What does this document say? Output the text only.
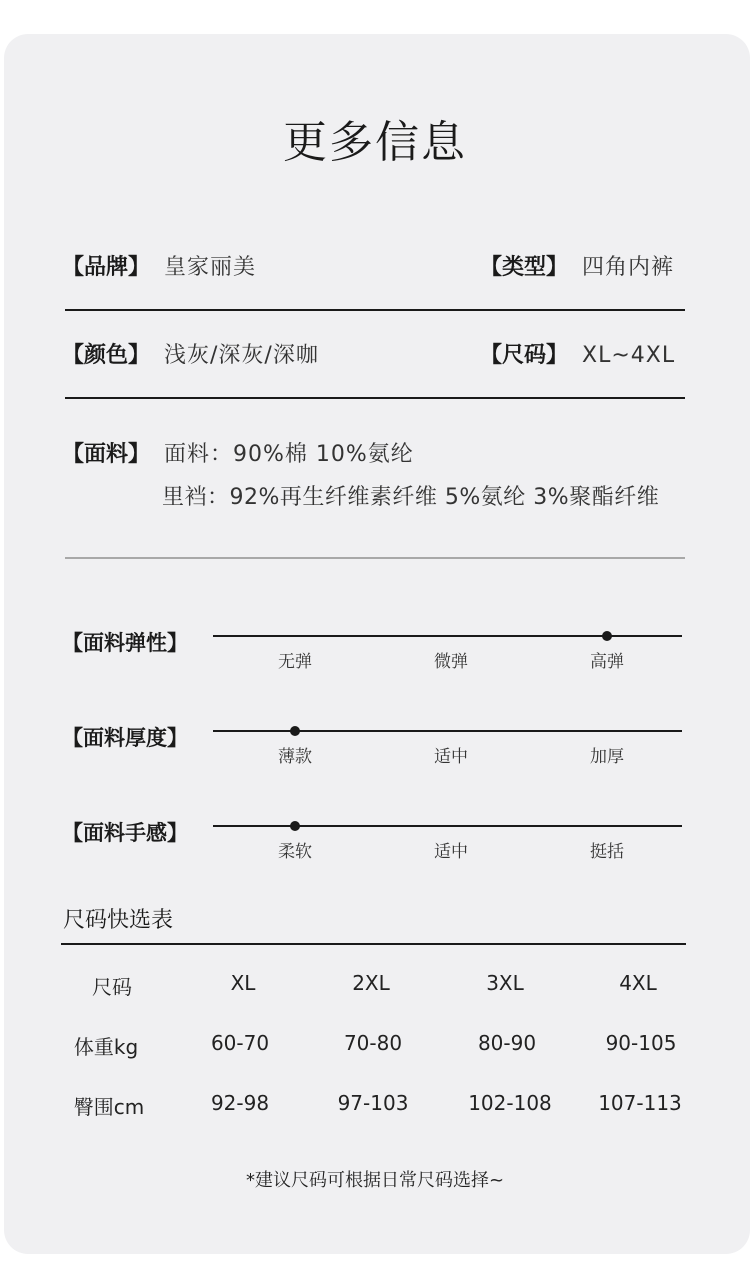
更多信息
【品牌】 皇家丽美	【类型】 四角内裤
【颜色】 浅灰/深灰/深咖	【尺码】 XL~4XL
【面料】 面料：90%棉 10%氨纶
里裆：92%再生纤维素纤维 5%氨纶 3%聚酯纤维
【面料弹性】
无弹	微弹	高弹
【面料厚度】
薄款	适中	加厚
【面料手感】
柔软	适中	挺括
尺码快选表
尺码	XL	2XL	3XL	4XL
体重kg	60-70	70-80	80-90	90-105
臀围cm	92-98	97-103	102-108	107-113
*建议尺码可根据日常尺码选择~
